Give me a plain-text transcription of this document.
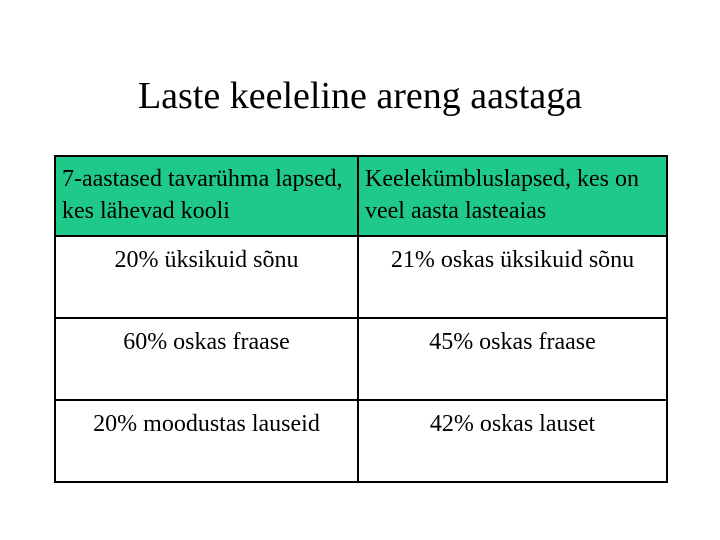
Laste keeleline areng aastaga
7-aastased tavarühma lapsed, kes lähevad kooli	Keelekümbluslapsed, kes on veel aasta lasteaias
20% üksikuid sõnu	21% oskas üksikuid sõnu
60% oskas fraase	45% oskas fraase
20% moodustas lauseid	42% oskas lauset
